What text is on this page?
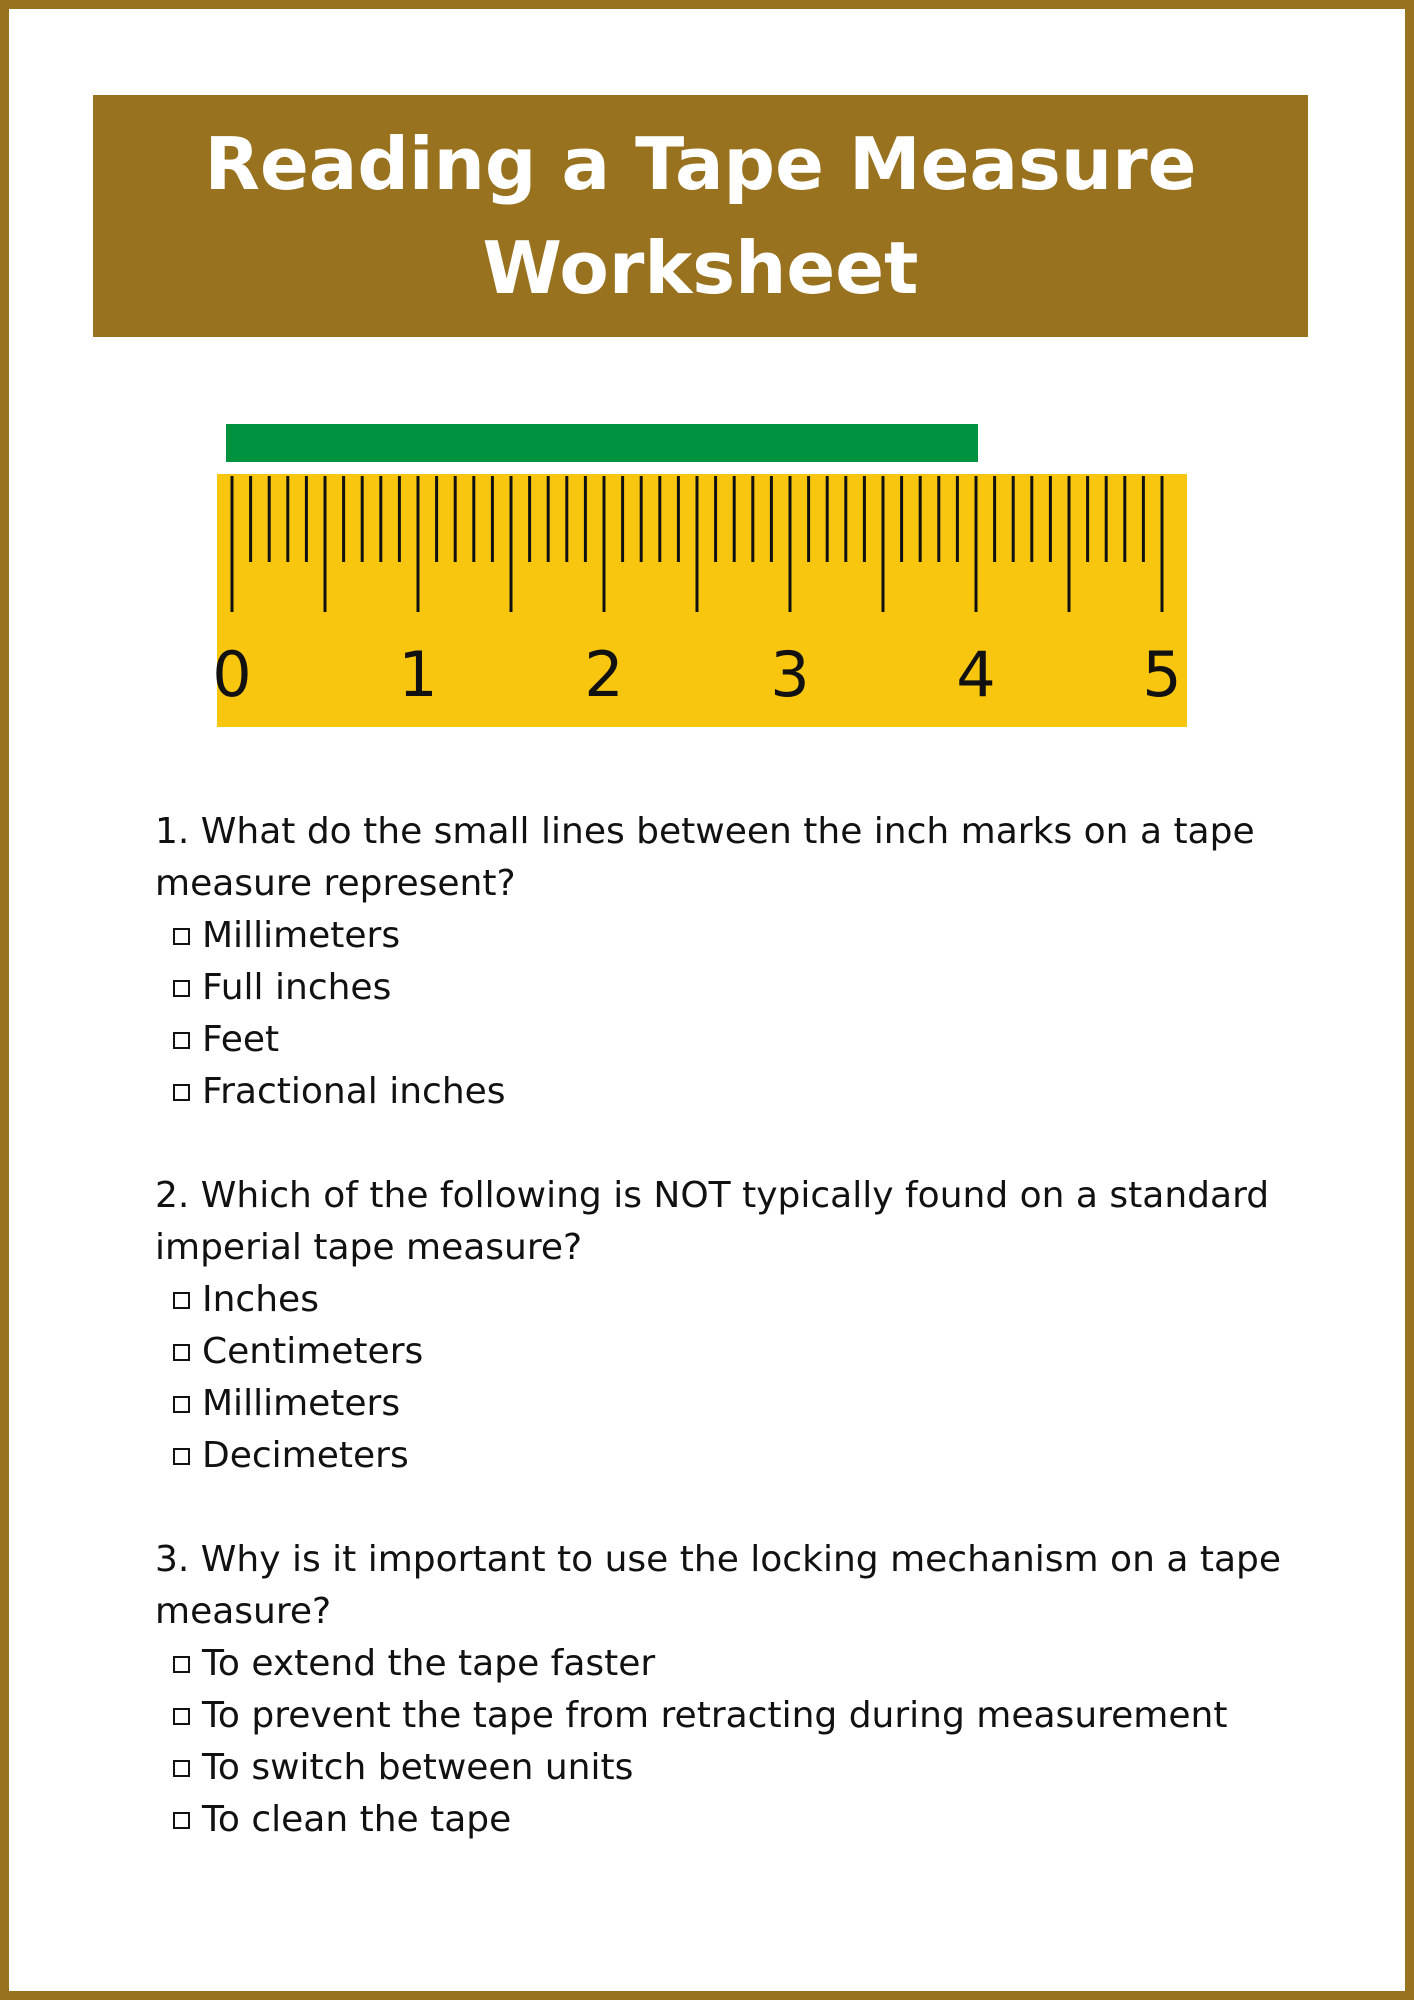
Reading a Tape Measure
Worksheet
0 1 2 3 4 5

1. What do the small lines between the inch marks on a tape measure represent?

Millimeters
Full inches
Feet
Fractional inches

2. Which of the following is NOT typically found on a standard imperial tape measure?

Inches
Centimeters
Millimeters
Decimeters

3. Why is it important to use the locking mechanism on a tape measure?

To extend the tape faster
To prevent the tape from retracting during measurement
To switch between units
To clean the tape
